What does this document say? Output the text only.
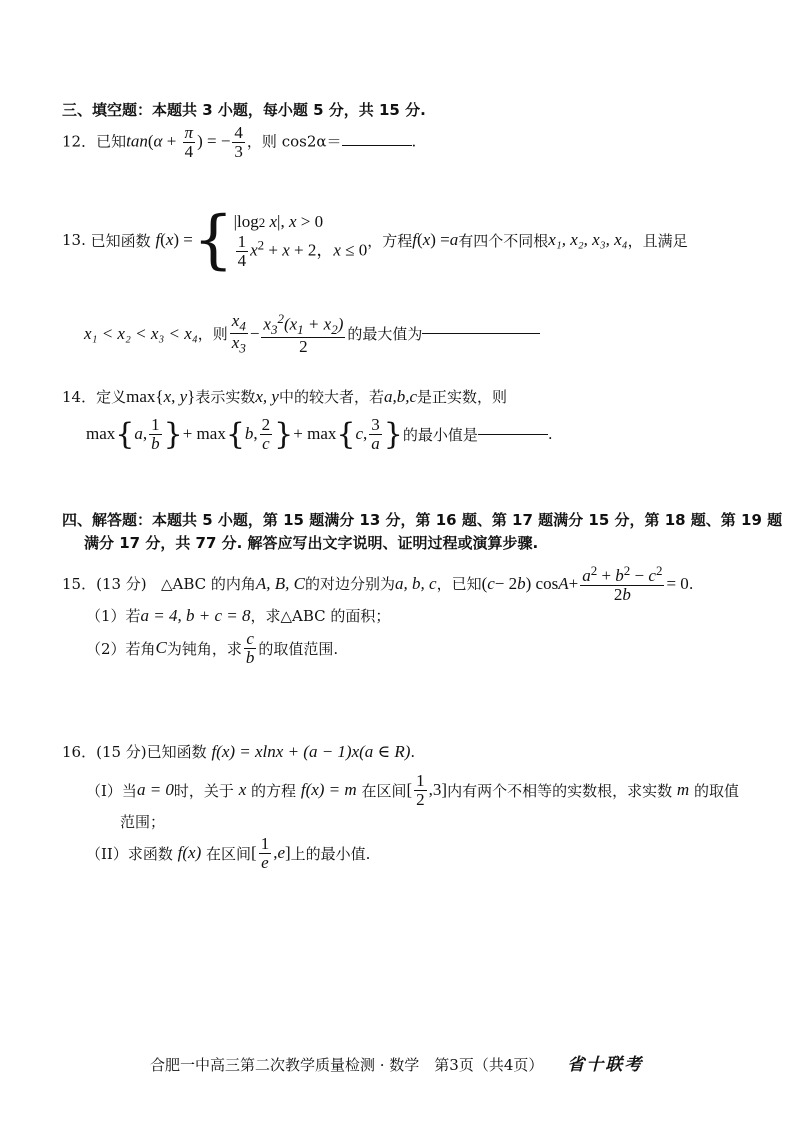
三、填空题：本题共 3 小题，每小题 5 分，共 15 分.
12．已知$\tan(\alpha + \frac{\pi}{4}$ ) = − $\frac{4}{3}$ ，则 cos2α＝	.
13.
已知函数
f ( x ) = { |log2 x|, x > 0
$\frac{1}{4} x^2 + x + 2$，x ≤ 0 ，方程 f ( x ) = a 有四个不同根 x₁, x₂, x₃, x₄ ，且满足
x₁ < x₂ < x₃ < x₄ ，则 $\frac{x_4}{x_3} - \frac{x_3^2(x_1 + x_2)}{2}$ 的最大值为
14．定义max{x, y}表示实数x, y中的较大者，若a,b,c是正实数，则
max { a , $\frac{1}{b}$ } + max { b , $\frac{2}{c}$ } + max { c , $\frac{3}{a}$ } 的最小值是	.
四、解答题：本题共 5 小题，第 15 题满分 13 分，第 16 题、第 17 题满分 15 分，第 18 题、第 19 题
满分 17 分，共 77 分. 解答应写出文字说明、证明过程或演算步骤.
15．(13 分)
△ABC 的内角 A, B, C 的对边分别为 a, b, c ，已知 ( c − 2 b ) $\cos A + \frac{a^2 + b^2 - c^2}{2b} = 0$ .
（1）若a = 4, b + c = 8，求△ABC 的面积；
（2）若角 C 为钝角，求 $\frac{c}{b}$ 的取值范围.
16．(15 分)已知函数 f(x) = xlnx + (a − 1)x(a ∈ R).
（I）当 a = 0 时，关于
x
的方程
f(x) = m
在区间 [ $\frac{1}{2} ,3$] 内有两个不相等的实数根，求实数
m
的取值
范围；
（II）求函数
f(x)
在区间 [ $\frac{1}{e}$ , e ] 上的最小值.
合肥一中高三第二次教学质量检测 · 数学　第3页（共4页） 省十联考
